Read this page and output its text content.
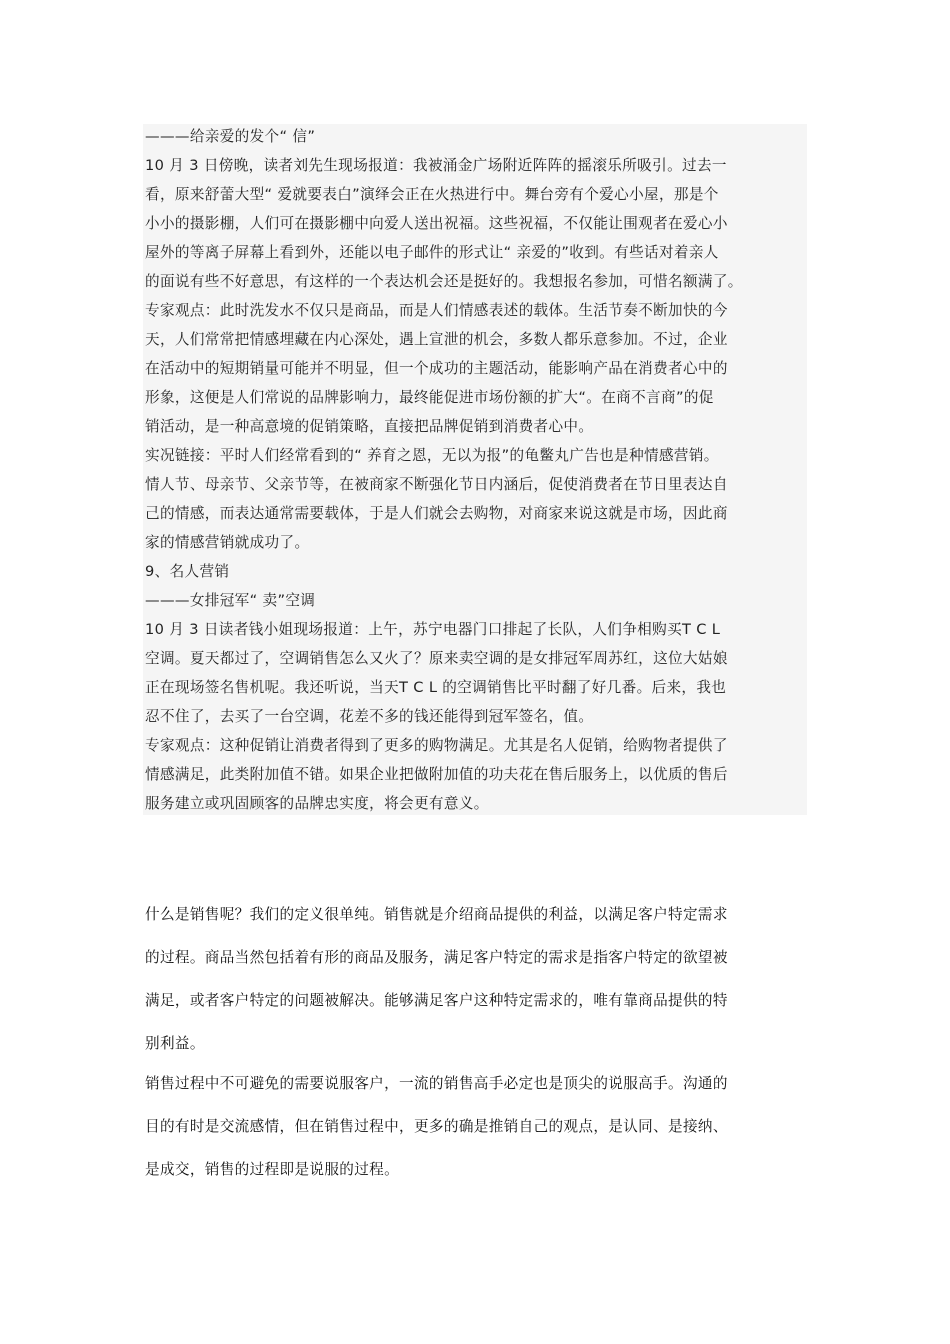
———给亲爱的发个“ 信”
10 月 3 日傍晚，读者刘先生现场报道：我被涌金广场附近阵阵的摇滚乐所吸引。过去一
看，原来舒蕾大型“ 爱就要表白”演绎会正在火热进行中。舞台旁有个爱心小屋，那是个
小小的摄影棚，人们可在摄影棚中向爱人送出祝福。这些祝福，不仅能让围观者在爱心小
屋外的等离子屏幕上看到外，还能以电子邮件的形式让“ 亲爱的”收到。有些话对着亲人
的面说有些不好意思，有这样的一个表达机会还是挺好的。我想报名参加，可惜名额满了。
专家观点：此时洗发水不仅只是商品，而是人们情感表述的载体。生活节奏不断加快的今
天，人们常常把情感埋藏在内心深处，遇上宣泄的机会，多数人都乐意参加。不过，企业
在活动中的短期销量可能并不明显，但一个成功的主题活动，能影响产品在消费者心中的
形象，这便是人们常说的品牌影响力，最终能促进市场份额的扩大“。在商不言商”的促
销活动，是一种高意境的促销策略，直接把品牌促销到消费者心中。
实况链接：平时人们经常看到的“ 养育之恩，无以为报”的龟鳖丸广告也是种情感营销。
情人节、母亲节、父亲节等，在被商家不断强化节日内涵后，促使消费者在节日里表达自
己的情感，而表达通常需要载体，于是人们就会去购物，对商家来说这就是市场，因此商
家的情感营销就成功了。
9、名人营销
———女排冠军“ 卖”空调
10 月 3 日读者钱小姐现场报道：上午，苏宁电器门口排起了长队，人们争相购买T C L
空调。夏天都过了，空调销售怎么又火了？原来卖空调的是女排冠军周苏红，这位大姑娘
正在现场签名售机呢。我还听说，当天T C L 的空调销售比平时翻了好几番。后来，我也
忍不住了，去买了一台空调，花差不多的钱还能得到冠军签名，值。
专家观点：这种促销让消费者得到了更多的购物满足。尤其是名人促销，给购物者提供了
情感满足，此类附加值不错。如果企业把做附加值的功夫花在售后服务上，以优质的售后
服务建立或巩固顾客的品牌忠实度，将会更有意义。
什么是销售呢？我们的定义很单纯。销售就是介绍商品提供的利益，以满足客户特定需求
的过程。商品当然包括着有形的商品及服务，满足客户特定的需求是指客户特定的欲望被
满足，或者客户特定的问题被解决。能够满足客户这种特定需求的，唯有靠商品提供的特
别利益。
销售过程中不可避免的需要说服客户，一流的销售高手必定也是顶尖的说服高手。沟通的
目的有时是交流感情，但在销售过程中，更多的确是推销自己的观点，是认同、是接纳、
是成交，销售的过程即是说服的过程。
